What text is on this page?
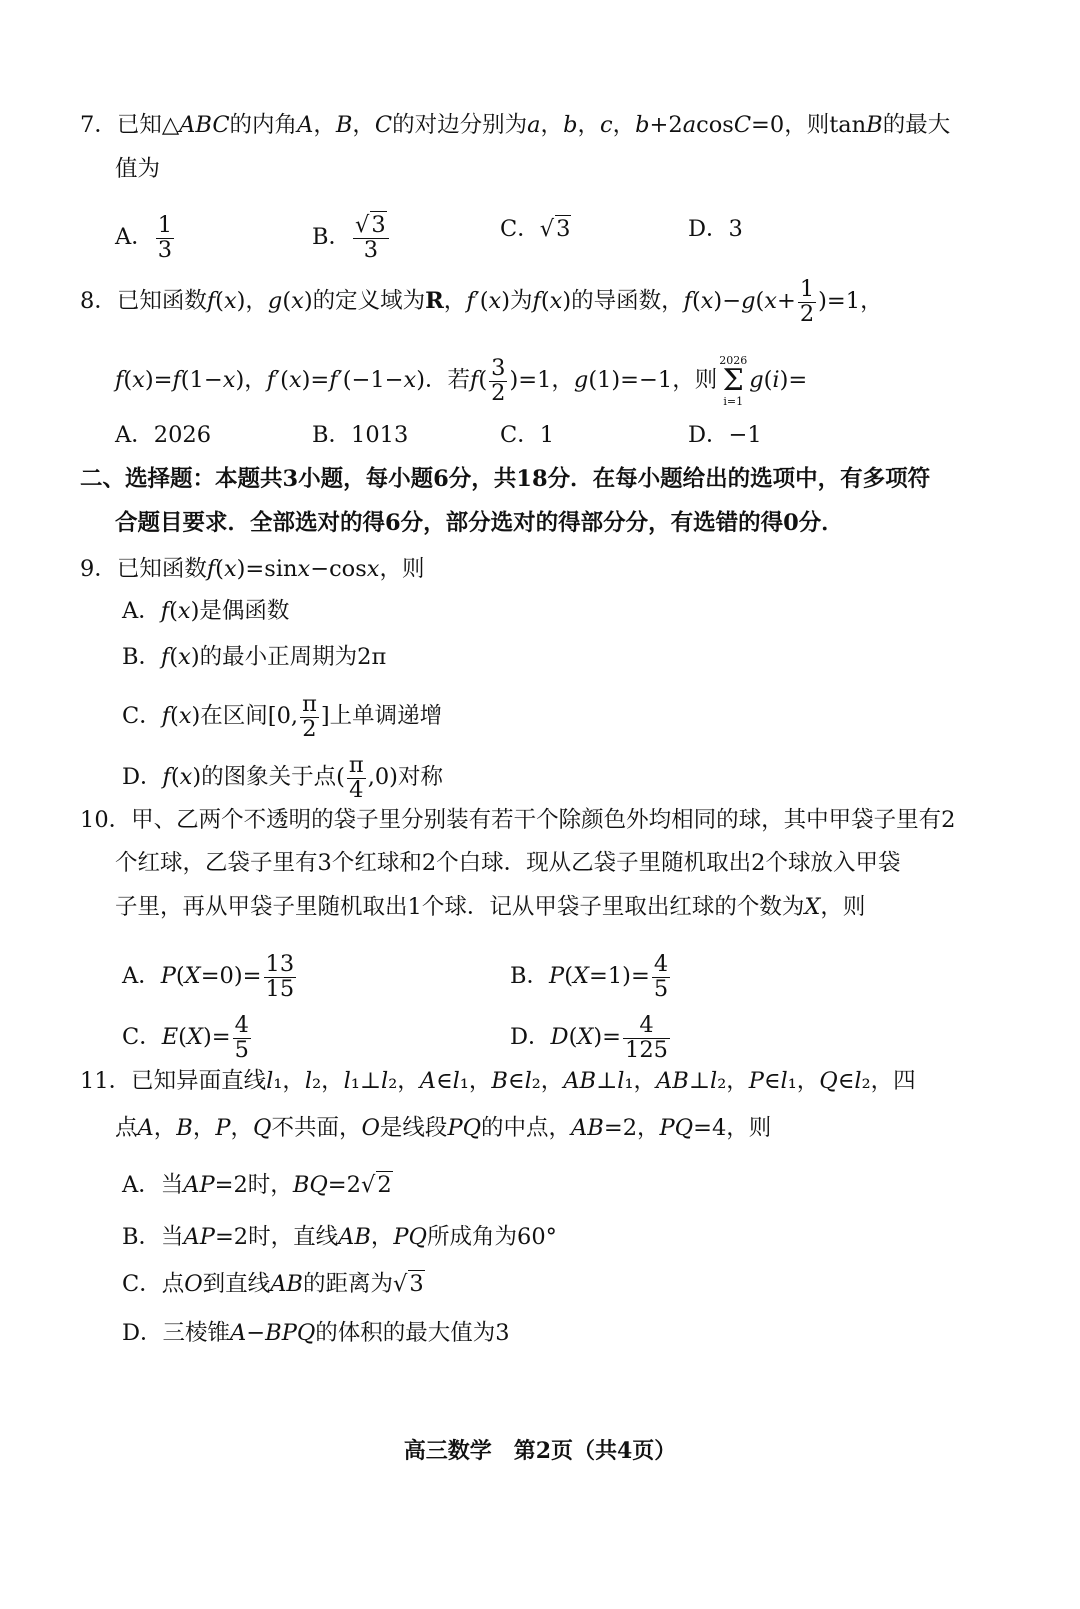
7．已知△ABC的内角A，B，C的对边分别为a，b，c，b+2acosC=0，则tanB的最大
值为
A． $\frac{1}{3}$	B． $\frac{√3}{3}$	C．√3	D．3
8．已知函数f(x)，g(x)的定义域为R，f′(x)为f(x)的导函数，$f(x)-g(x+ \frac{1}{2} )=1$，
f(x)=f(1−x)，f′(x)=f′(−1−x)．若$f( \frac{3}{2} )=1$，g(1)=−1，则
2026
Σ
i=1
g(i)=
A．2026	B．1013	C．1	D．−1
二、选择题：本题共3小题，每小题6分，共18分．在每小题给出的选项中，有多项符
合题目要求．全部选对的得6分，部分选对的得部分分，有选错的得0分．
9．已知函数f(x)=sinx−cosx，则
A．f(x)是偶函数
B．f(x)的最小正周期为2π
C．f(x)在区间[0, $\frac{\pi}{2}$ ]上单调递增
D．f(x)的图象关于点( $\frac{\pi}{4} ,0$)对称
10．甲、乙两个不透明的袋子里分别装有若干个除颜色外均相同的球，其中甲袋子里有2
个红球，乙袋子里有3个红球和2个白球．现从乙袋子里随机取出2个球放入甲袋
子里，再从甲袋子里随机取出1个球．记从甲袋子里取出红球的个数为X，则
A．$P(X=0)= \frac{13}{15}$	B．$P(X=1)= \frac{4}{5}$
C．$E(X)= \frac{4}{5}$	D．$D(X)= \frac{4}{125}$
11．已知异面直线l₁，l₂，l₁⊥l₂，A∈l₁，B∈l₂，AB⊥l₁，AB⊥l₂，P∈l₁，Q∈l₂，四
点A，B，P，Q不共面，O是线段PQ的中点，AB=2，PQ=4，则
A．当AP=2时，BQ=2√2
B．当AP=2时，直线AB，PQ所成角为60°
C．点O到直线AB的距离为√3
D．三棱锥A−BPQ的体积的最大值为3
高三数学　第2页（共4页）
